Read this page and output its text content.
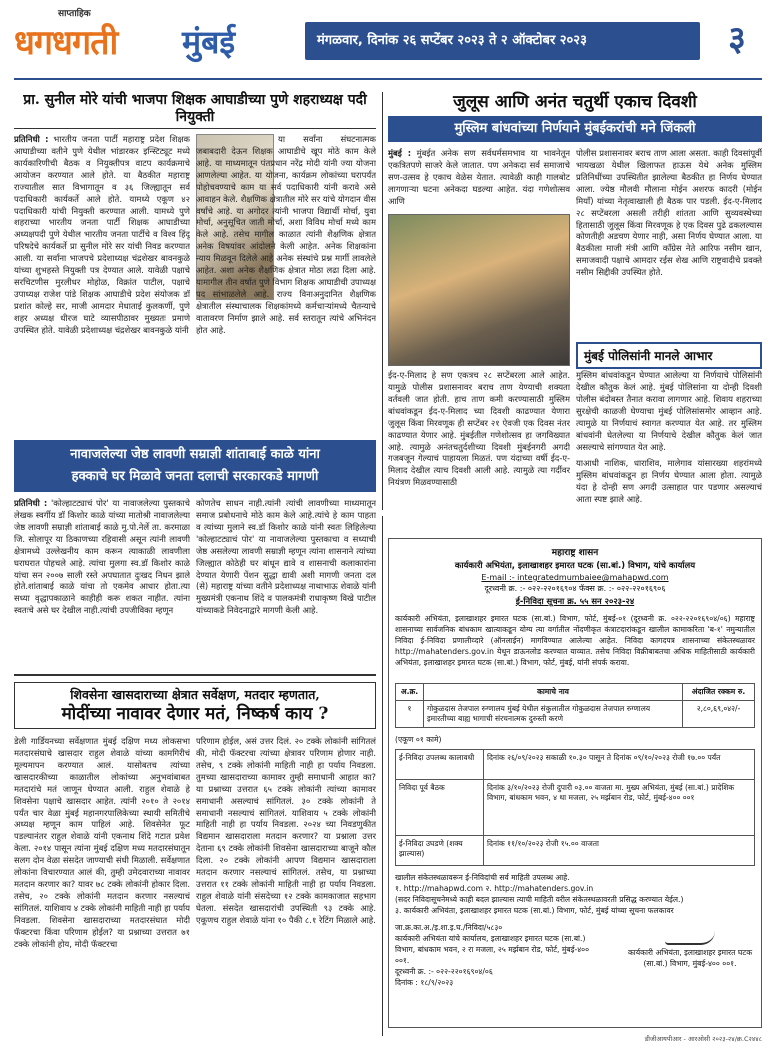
साप्ताहिक
धगधगती मुंबई	मंगळवार, दिनांक २६ सप्टेंबर २०२३ ते २ ऑक्टोबर २०२३	३
प्रा. सुनील मोरे यांची भाजपा शिक्षक आघाडीच्या पुणे शहराध्यक्ष पदी नियुक्ती
प्रतिनिधी : भारतीय जनता पार्टी महाराष्ट्र प्रदेश शिक्षक आघाडीच्या वतीने पुणे येथील भांडारकर इन्स्टिट्यूट मध्ये कार्यकारिणीची बैठक व नियुक्तीपत्र वाटप कार्यक्रमाचे आयोजन करण्यात आले होते. या बैठकीत महाराष्ट्र राज्यातील सात विभागातून व ३६ जिल्ह्यातून सर्व पदाधिकारी कार्यकर्ते आले होते. यामध्ये एकूण ४२ पदाधिकारी यांची नियुक्ती करण्यात आली. यामध्ये पुणे शहराच्या भारतीय जनता पार्टी शिक्षक आघाडीच्या अध्यक्षपदी पुणे येथील भारतीय जनता पार्टीचे व विश्व हिंदू परिषदेचे कार्यकर्ते प्रा सुनील मोरे सर यांची निवड करण्यात आली. या सर्वांना भाजपचे प्रदेशाध्यक्ष चंद्रशेखर बावनकुळे यांच्या शुभहस्ते नियुक्ती पत्र देण्यात आले. यावेळी पक्षाचे सरचिटणीस मुरलीधर मोहोळ, विक्रांत पाटील, पक्षाचे उपाध्यक्ष राजेश पांडे शिक्षक आघाडीचे प्रदेश संयोजक डॉ प्रशांत कोल्हे सर, माजी आमदार मेधाताई कुलकर्णी, पुणे शहर अध्यक्ष धीरज घाटे व्यासपीठावर मुख्यतः प्रमाणे उपस्थित होते. यावेळी प्रदेशाध्यक्ष चंद्रशेखर बावनकुळे यांनी
या सर्वांना संघटनात्मक जबाबदारी देऊन शिक्षक आघाडीचे खूप मोठे काम केले आहे. या माध्यमातून पंतप्रधान नरेंद्र मोदी यांनी ज्या योजना आणलेल्या आहेत. या योजना, कार्यक्रम लोकांच्या घरापर्यंत पोहोचवण्याचे काम या सर्व पदाधिकारी यांनी करावे असे आवाहन केले. शैक्षणिक क्षेत्रातील मोरे सर यांचे योगदान वीस वर्षांचे आहे. या अगोदर त्यांनी भाजपा विद्यार्थी मोर्चा, युवा मोर्चा, अनुसूचित जाती मोर्चा, अशा विविध मोर्चा मध्ये काम केले आहे. तसेच मागील काळात त्यांनी शैक्षणिक क्षेत्रात अनेक विषयांवर आंदोलने केली आहेत. अनेक शिक्षकांना न्याय मिळवून दिलेले आहे अनेक संस्थांचे प्रश्न मार्गी लावलेले आहेत. अशा अनेक शैक्षणिक क्षेत्रात मोठा लढा दिला आहे. यामागील तीन वर्षात पुणे विभाग शिक्षक आघाडीची उपाध्यक्ष पद सांभाळलेले आहे. राज्य विनाअनुदानित शैक्षणिक क्षेत्रातील संस्थाचालक शिक्षकांमध्ये कर्मचाऱ्यांमध्ये चैतन्याचे वातावरण निर्माण झाले आहे. सर्व स्तरातून त्यांचे अभिनंदन होत आहे.
जुलूस आणि अनंत चतुर्थी एकाच दिवशी
मुस्लिम बांधवांच्या निर्णयाने मुंबईकरांची मने जिंकली
मुंबई : मुंबईत अनेक सण सर्वधर्मसमभाव या भावनेतून एकत्रितपणे साजरे केले जातात. पण अनेकदा सर्व समाजाचे सण-उत्सव हे एकाच वेळेस येतात. त्यावेळी काही गालबोट लागणाऱ्या घटना अनेकदा घडल्या आहेत. यंदा गणेशोत्सव आणि
ईद-ए-मिलाद हे सण एकत्रच २८ सप्टेंबरला आले आहेत. यामुळे पोलीस प्रशासनावर बराच ताण येण्याची शक्यता वर्तवली जात होती. हाच ताण कमी करण्यासाठी मुस्लिम बांधवांकडून ईद-ए-मिलाद च्या दिवशी काढण्यात येणारा जुलूस किंवा मिरवणूक ही सप्टेंबर २१ ऐवजी एक दिवस नंतर काढण्यात येणार आहे. मुंबईतील गणेशोत्सव हा जगविख्यात आहे. त्यामुळे अनंतचतुर्दशीच्या दिवशी मुंबईनगरी अगदी गजबजून गेल्याचं पाहायला मिळतं. पण यंदाच्या वर्षी ईद-ए-मिलाद देखील त्याच दिवशी आली आहे. त्यामुळे त्या गर्दीवर नियंत्रण मिळवण्यासाठी
पोलीस प्रशासनावर बराच ताण आला असता. काही दिवसांपूर्वी भायखळा येथील खिलाफत हाऊस येथे अनेक मुस्लिम प्रतिनिधींच्या उपस्थितीत झालेल्या बैठकीत हा निर्णय घेण्यात आला. ज्येष्ठ मौलवी मौलाना मोईन अशरफ कादरी (मोईन मियाँ) यांच्या नेतृत्वाखाली ही बैठक पार पडली. ईद-ए-मिलाद २८ सप्टेंबरला असली तरीही शांतता आणि सुव्यवस्थेच्या हितासाठी जुलूस किंवा मिरवणूक हे एक दिवस पुढे ढकलल्यास कोणतीही अडचण येणार नाही, असा निर्णय घेण्यात आला. या बैठकीला माजी मंत्री आणि काँग्रेस नेते आरिफ नसीम खान, समाजवादी पक्षाचे आमदार रईस शेख आणि राष्ट्रवादीचे प्रवक्ते नसीम सिद्दीकी उपस्थित होते.
मुंबई पोलिसांनी मानले आभार
मुस्लिम बांधवांकडून घेण्यात आलेल्या या निर्णयाचे पोलिसांनी देखील कौतुक केलं आहे. मुंबई पोलिसांना या दोन्ही दिवशी पोलीस बंदोबस्त तैनात करावा लागणार आहे. शिवाय शहराच्या सुरक्षेची काळजी घेण्याचा मुंबई पोलिसांसमोर आव्हान आहे. त्यामुळे या निर्णयाचं स्वागत करण्यात येत आहे. तर मुस्लिम बांधवांनी घेतलेल्या या निर्णयाचे देखील कौतुक केलं जात असल्याचे सांगण्यात येत आहे.
याआधी नाशिक, धाराशिव, मालेगाव यांसारख्या शहरांमध्ये मुस्लिम बांधवांकडून हा निर्णय घेण्यात आला होता. त्यामुळे यंदा हे दोन्ही सण अगदी उत्साहात पार पडणार असल्याचं आता स्पष्ट झाले आहे.
नावाजलेल्या जेष्ठ लावणी सम्राज्ञी शांताबाई काळे यांना
हक्काचे घर मिळावे जनता दलाची सरकारकडे मागणी
प्रतिनिधी : 'कोल्हाटट्याचं पोर' या नावाजलेल्या पुस्तकाचे लेखक स्वर्गीय डॉ किशोर काळे यांच्या मातोश्री नावाजलेल्या जेष्ठ लावणी सम्राज्ञी शांताबाई काळे मु.पो.नेर्ले ता. करमाळा जि. सोलापूर या ठिकाणच्या रहिवासी असून त्यांनी लावणी क्षेत्रामध्ये उल्लेखनीय काम करून त्याकाळी लावणीला घराघरात पोहचले आहे. त्यांचा मुलगा स्व.डॉ किशोर काळे यांचा सन २००७ साली रस्ते अपघातात दुःखद निधन झाले होते.शांताबाई काळे यांचा तो एकमेव आधार होता.त्या सध्या वृद्धापकाळाने काहीही करू शकत नाहीत. त्यांना स्वतःचे असे घर देखील नाही.त्यांची उपजीविका म्हणून
कोणतेच साधन नाही.त्यांनी त्यांची लावणीच्या माध्यमातून समाज प्रबोधनाचे मोठे काम केले आहे.त्यांचे हे काम पाहता व त्यांच्या मुलाने स्व.डॉ किशोर काळे यांनी स्वतः लिहिलेल्या 'कोल्हाटट्याचं पोर' या नावाजलेल्या पुस्तकाचा व सध्याची जेष्ठ असलेल्या लावणी सम्राज्ञी म्हणून त्यांना शासनाने त्यांच्या जिल्ह्यात कोठेही घर बांधून द्यावे व शासनाची कलाकारांना देण्यात येणारी पेंशन सुद्धा द्यावी अशी मागणी जनता दल (से) महाराष्ट्र यांच्या वतीने प्रदेशाध्यक्ष नाथाभाऊ शेवाळे यांनी मुख्यमंत्री एकनाथ शिंदे व पालकमंत्री राधाकृष्ण विखे पाटील यांच्याकडे निवेदनाद्वारे मागणी केली आहे.
शिवसेना खासदाराच्या क्षेत्रात सर्वेक्षण, मतदार म्हणतात,
मोदींच्या नावावर देणार मतं, निष्कर्ष काय ?
डेली गार्डियनच्या सर्वेक्षणात मुंबई दक्षिण मध्य लोकसभा मतदारसंघाचे खासदार राहुल शेवाळे यांच्या कामगिरीचं मूल्यमापन करण्यात आलं. यासोबतच त्यांच्या खासदारकीच्या काळातील लोकांच्या अनुभवांबाबत मतदारांचे मतं जाणून घेण्यात आली. राहुल शेवाळे हे शिवसेना पक्षाचे खासदार आहेत. त्यांनी २०१० ते २०१४ पर्यंत चार वेळा मुंबई महानगरपालिकेच्या स्थायी समितीचे अध्यक्ष म्हणून काम पाहिलं आहे. शिवसेनेत फूट पडल्यानंतर राहुल शेवाळे यांनी एकनाथ शिंदे गटात प्रवेश केला. २०१४ पासून त्यांना मुंबई दक्षिण मध्य मतदारसंघातून सलग दोन वेळा संसदेत जाण्याची संधी मिळाली. सर्वेक्षणात लोकांना विचारण्यात आलं की, तुम्ही उमेदवाराच्या नावावर मतदान करणार का? यावर ७८ टक्के लोकांनी होकार दिला. तसेच, २० टक्के लोकांनी मतदान करणार नसल्याचं सांगितलं. याशिवाय ४ टक्के लोकांनी माहिती नाही हा पर्याय निवडला. शिवसेना खासदाराच्या मतदारसंघात मोदी फॅक्टरचा किंवा परिणाम होईल? या प्रश्नाच्या उत्तरात ७१ टक्के लोकांनी होय, मोदी फॅक्टरचा
परिणाम होईल, असं उत्तर दिलं. २० टक्के लोकांनी सांगितलं की, मोदी फॅक्टरचा त्यांच्या क्षेत्रावर परिणाम होणार नाही. तसेच, ९ टक्के लोकांनी माहिती नाही हा पर्याय निवडला. तुमच्या खासदाराच्या कामावर तुम्ही समाधानी आहात का? या प्रश्नाच्या उत्तरात ६५ टक्के लोकांनी त्यांच्या कामावर समाधानी असल्याचं सांगितलं. ३० टक्के लोकांनी ते समाधानी नसल्याचं सांगितलं. याशिवाय ५ टक्के लोकांनी माहिती नाही हा पर्याय निवडला. २०२४ च्या निवडणुकीत विद्यमान खासदाराला मतदान करणार? या प्रश्नाला उत्तर देताना ६९ टक्के लोकांनी शिवसेना खासदाराच्या बाजूने कौल दिला. २० टक्के लोकांनी आपण विद्यमान खासदाराला मतदान करणार नसल्याचं सांगितलं. तसेच, या प्रश्नाच्या उत्तरात ११ टक्के लोकांनी माहिती नाही हा पर्याय निवडला. राहुल शेवाळे यांनी संसदेच्या १२ टक्के कामकाजात सहभाग घेतला. संसदेत खासदारांची उपस्थिती ९३ टक्के आहे. एकूणच राहुल शेवाळे यांना १० पैकी ८.१ रेटिंग मिळाले आहे.
महाराष्ट्र शासन
कार्यकारी अभियंता, इलाखाशहर इमारत घटक (सा.बां.) विभाग, यांचे कार्यालय
E-mail :- integratedmumbaiee@mahapwd.com
दूरध्वनी क्र. :- ०२२-२२०१६९०४ फॅक्स क्र. :- ०२२-२२०१६९०६
ई-निविदा सूचना क्र. ५५ सन २०२३-२४
कार्यकारी अभियंता, इलाखाशहर इमारत घटक (सा.बां.) विभाग, फोर्ट, मुंबई-०१ (दूरध्वनी क्र. ०२२-२२०१६९०४/०६) महाराष्ट्र शासनाच्या सार्वजनिक बांधकाम खात्याकडून योग्य त्या वर्गातील नोंदणीकृत कंत्राटदारांकडून खालील कामाकरिता 'ब-१' नमुन्यातील निविदा ई-निविदा प्रणालीव्दारे (ऑनलाईन) मागविण्यात आलेल्या आहेत. निविदा कागदपत्र शासनाच्या संकेतस्थळावर http://mahatenders.gov.in येथून डाऊनलोड करण्यात याव्यात. तसेच निविदा विक्रीबाबतचा अधिक माहितीसाठी कार्यकारी अभियंता, इलाखाशहर इमारत घटक (सा.बां.) विभाग, फोर्ट, मुंबई, यांनी संपर्क करावा.
अ.क्र.	कामाचे नाव	अंदाजित रक्कम रु.
१	गोकुळदास तेजपाल रुग्णालय मुंबई येथील संकुलातील गोकुळदास तेजपाल रुग्णालय इमारतीच्या बाह्य भागाची संरचनात्मक दुरुस्ती करणे	२,८०,६९,०४२/-
(एकूण ०१ कामे)
ई-निविदा उपलब्ध कालावधी	दिनांक २६/०९/२०२३ सकाळी १०.३० पासून ते दिनांक ०९/१०/२०२३ रोजी १७.०० पर्यंत
निविदा पूर्व बैठक	दिनांक ३/१०/२०२३ रोजी दुपारी ०३.०० वाजता मा. मुख्य अभियंता, मुंबई (सा.बां.) प्रादेशिक विभाग, बांधकाम भवन, ४ था मजला, २५ मर्झबान रोड, फोर्ट, मुंबई-४०० ००१
ई-निविदा उघडणे (शक्य झाल्यास)	दिनांक ११/१०/२०२३ रोजी १५.०० वाजता
खालील संकेतस्थळावरून ई-निविदांची सर्व माहिती उपलब्ध आहे.
१. http://mahapwd.com २. http://mahatenders.gov.in
(सदर निविदासूचनेमध्ये काही बदल झाल्यास त्याची माहिती वरील संकेतस्थळावरती प्रसिद्ध करण्यात येईल.)
३. कार्यकारी अभियंता, इलाखाशहर इमारत घटक (सा.बां.) विभाग, फोर्ट, मुंबई यांच्या सूचना फलकावर
जा.क्र.का.अ./इ.शा.इ.घ./निविदा/५८३०
कार्यकारी अभियंता यांचे कार्यालय, इलाखाशहर इमारत घटक (सा.बां.) विभाग, बांधकाम भवन, २ रा मजला, २५ मर्झबान रोड, फोर्ट, मुंबई-४०० ००१.
दूरध्वनी क्र. :- ०२२-२२०१६९०४/०६
दिनांक : १८/९/२०२३
कार्यकारी अभियंता, इलाखाशहर इमारत घटक (सा.बां.) विभाग, मुंबई-४०० ००१.
डीजीआयपीआर - आरओसी २०२३-२४/क्र.C२४४८
